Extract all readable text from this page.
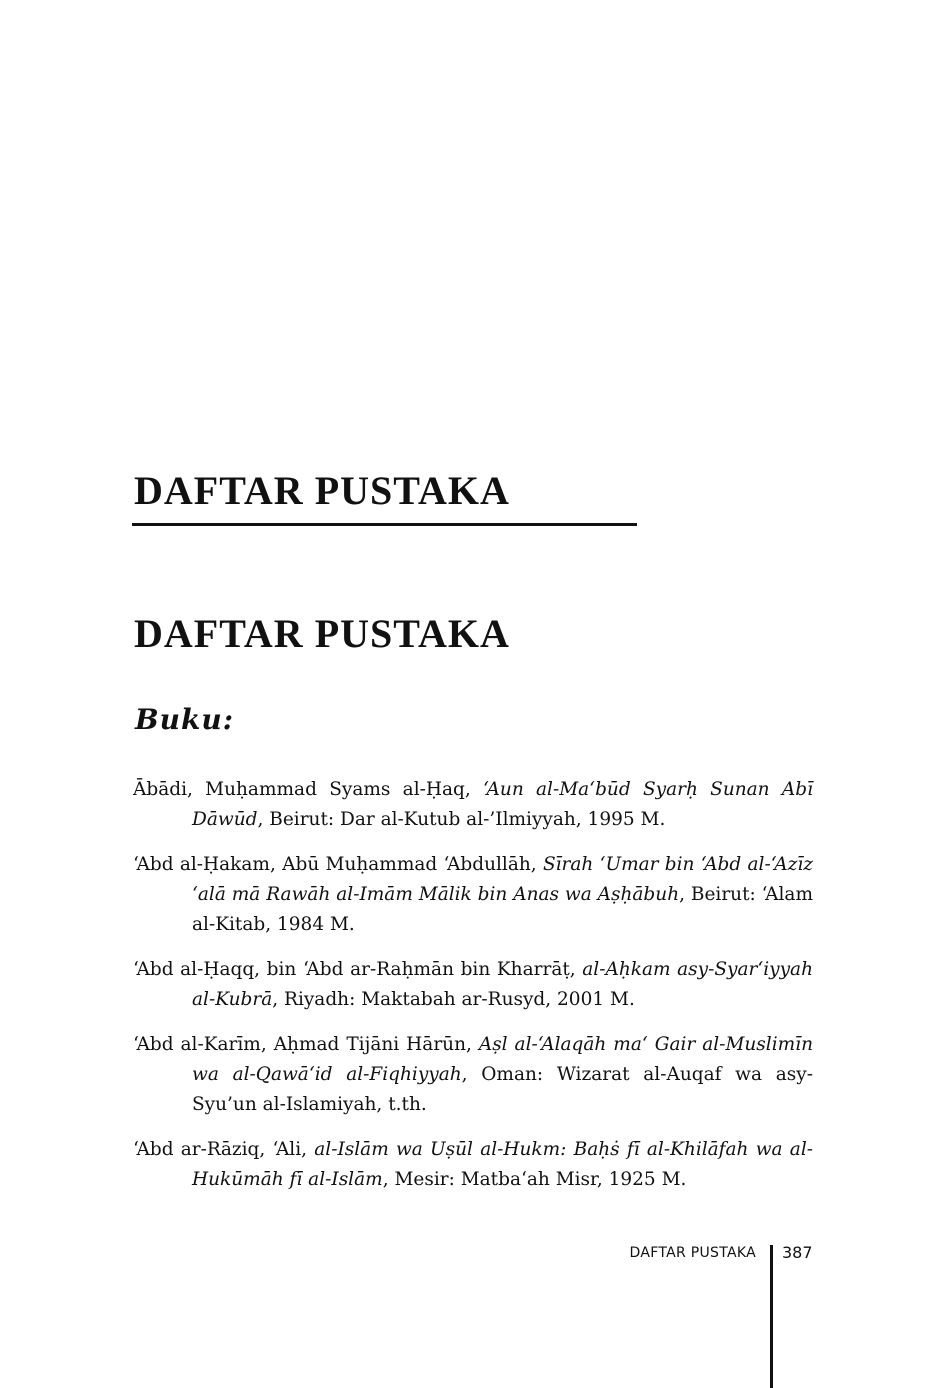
DAFTAR PUSTAKA
DAFTAR PUSTAKA
Buku:

Ābādi, Muḥammad Syams al-Ḥaq, ‘Aun al-Ma‘būd Syarḥ Sunan Abī Dāwūd, Beirut: Dar al-Kutub al-’Ilmiyyah, 1995 M.

‘Abd al-Ḥakam, Abū Muḥammad ‘Abdullāh, Sīrah ‘Umar bin ‘Abd al-‘Azīz ‘alā mā Rawāh al-Imām Mālik bin Anas wa Aṣḥābuh, Beirut: ‘Alam al-Kitab, 1984 M.

‘Abd al-Ḥaqq, bin ‘Abd ar-Raḥmān bin Kharrāṭ, al-Aḥkam asy-Syar‘iyyah al-Kubrā, Riyadh: Maktabah ar-Rusyd, 2001 M.

‘Abd al-Karīm, Aḥmad Tijāni Hārūn, Aṣl al-‘Alaqāh ma‘ Gair al-Muslimīn wa al-Qawā‘id al-Fiqhiyyah, Oman: Wizarat al-Auqaf wa asy-Syu’un al-Islamiyah, t.th.

‘Abd ar-Rāziq, ‘Ali, al-Islām wa Uṣūl al-Hukm: Baḥṡ fī al-Khilāfah wa al-Hukūmāh fī al-Islām, Mesir: Matba‘ah Misr, 1925 M.

DAFTAR PUSTAKA 387
